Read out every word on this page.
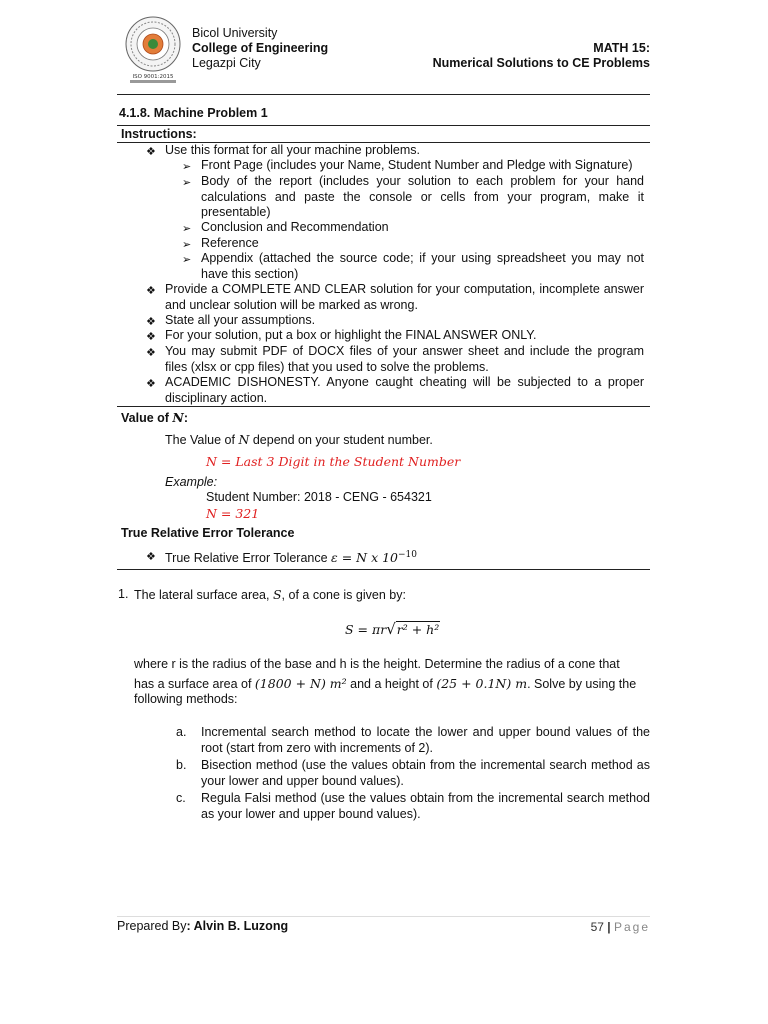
ISO 9001:2015
Bicol University
College of Engineering
Legazpi City
MATH 15:
Numerical Solutions to CE Problems
4.1.8. Machine Problem 1
Instructions:
❖ Use this format for all your machine problems.
➢ Front Page (includes your Name, Student Number and Pledge with Signature)
➢ Body of the report (includes your solution to each problem for your hand calculations and paste the console or cells from your program, make it presentable)
➢ Conclusion and Recommendation
➢ Reference
➢ Appendix (attached the source code; if your using spreadsheet you may not have this section)
❖ Provide a COMPLETE AND CLEAR solution for your computation, incomplete answer and unclear solution will be marked as wrong.
❖ State all your assumptions.
❖ For your solution, put a box or highlight the FINAL ANSWER ONLY.
❖ You may submit PDF of DOCX files of your answer sheet and include the program files (xlsx or cpp files) that you used to solve the problems.
❖ ACADEMIC DISHONESTY. Anyone caught cheating will be subjected to a proper disciplinary action.
Value of N:
The Value of N depend on your student number.
N = Last 3 Digit in the Student Number
Example:
Student Number: 2018 - CENG - 654321
N = 321
True Relative Error Tolerance
❖ True Relative Error Tolerance ε = N x $10^{-10}$
1. The lateral surface area, S, of a cone is given by:
S = πr√r² + h²
where r is the radius of the base and h is the height. Determine the radius of a cone that
has a surface area of (1800 + N) m² and a height of (25 + 0.1N) m. Solve by using the
following methods:
a. Incremental search method to locate the lower and upper bound values of the root (start from zero with increments of 2).
b. Bisection method (use the values obtain from the incremental search method as your lower and upper bound values).
c. Regula Falsi method (use the values obtain from the incremental search method as your lower and upper bound values).
Prepared By: Alvin B. Luzong	57 | Page
